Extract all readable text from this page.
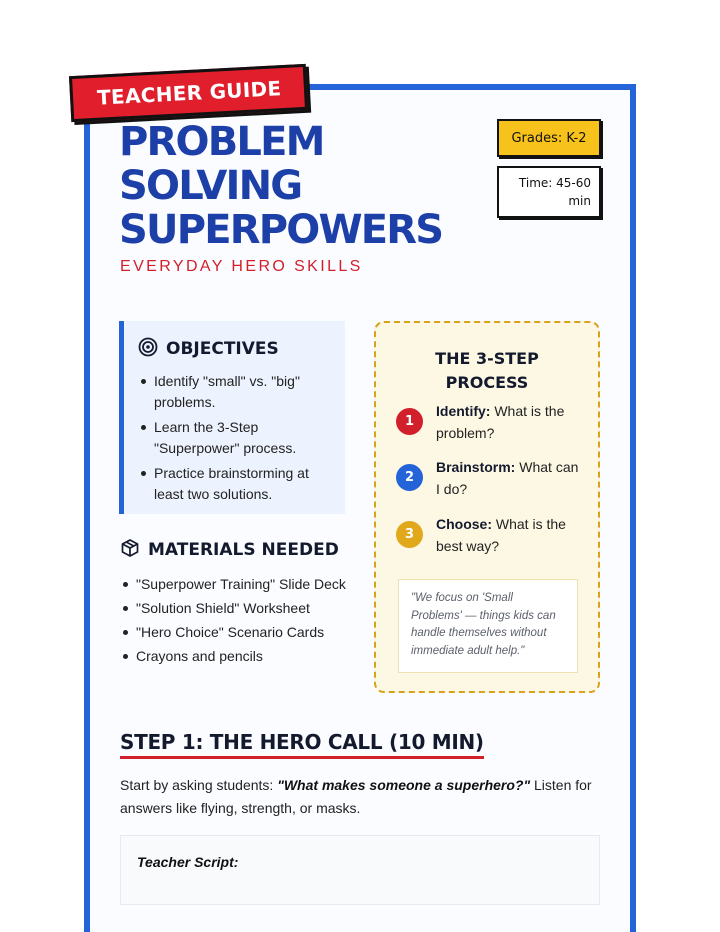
TEACHER GUIDE
PROBLEM
SOLVING
SUPERPOWERS
EVERYDAY HERO SKILLS
Grades: K-2
Time: 45-60
min
OBJECTIVES
Identify "small" vs. "big" problems.
Learn the 3-Step "Superpower" process.
Practice brainstorming at least two solutions.
MATERIALS NEEDED
"Superpower Training" Slide Deck
"Solution Shield" Worksheet
"Hero Choice" Scenario Cards
Crayons and pencils
THE 3-STEP
PROCESS
1
Identify: What is the problem?
2
Brainstorm: What can I do?
3
Choose: What is the best way?
"We focus on 'Small Problems' — things kids can handle themselves without immediate adult help."
STEP 1: THE HERO CALL (10 MIN)
Start by asking students: "What makes someone a superhero?" Listen for answers like flying, strength, or masks.
Teacher Script:
